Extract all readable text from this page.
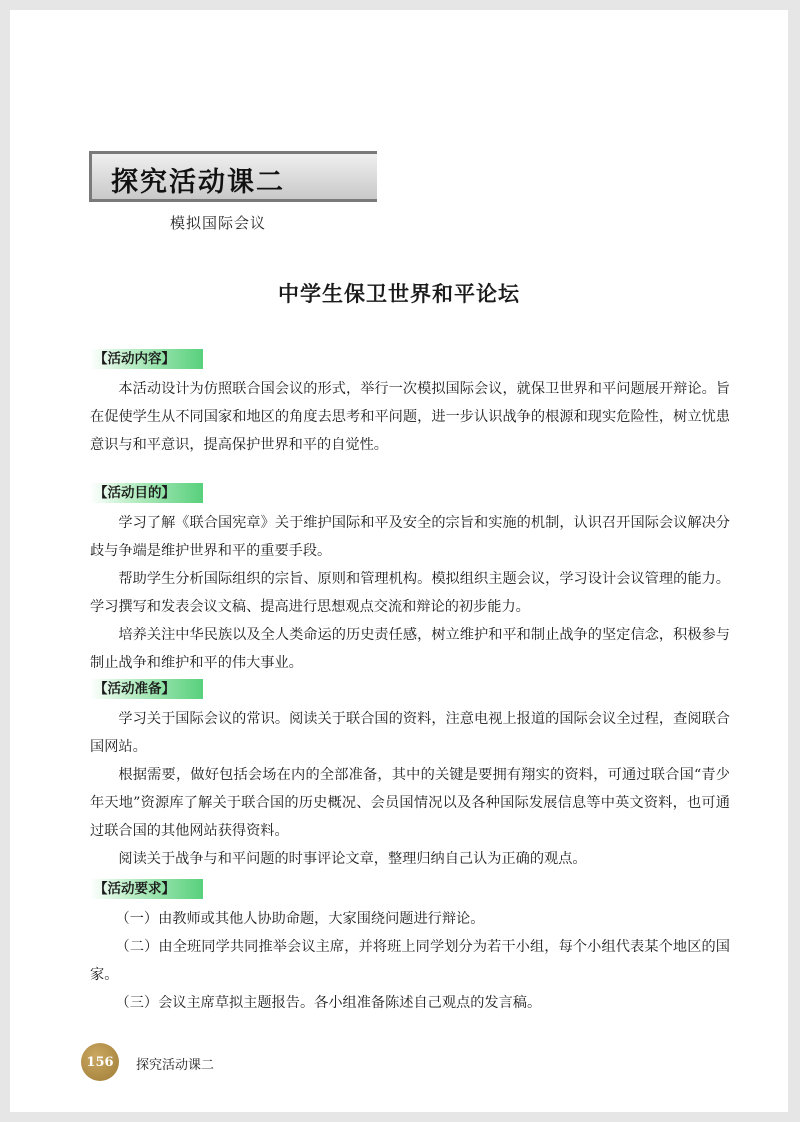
探究活动课二
模拟国际会议
中学生保卫世界和平论坛
【活动内容】

本活动设计为仿照联合国会议的形式，举行一次模拟国际会议，就保卫世界和平问题展开辩论。旨在促使学生从不同国家和地区的角度去思考和平问题，进一步认识战争的根源和现实危险性，树立忧患意识与和平意识，提高保护世界和平的自觉性。

【活动目的】

学习了解《联合国宪章》关于维护国际和平及安全的宗旨和实施的机制，认识召开国际会议解决分歧与争端是维护世界和平的重要手段。

帮助学生分析国际组织的宗旨、原则和管理机构。模拟组织主题会议，学习设计会议管理的能力。学习撰写和发表会议文稿、提高进行思想观点交流和辩论的初步能力。

培养关注中华民族以及全人类命运的历史责任感，树立维护和平和制止战争的坚定信念，积极参与制止战争和维护和平的伟大事业。

【活动准备】

学习关于国际会议的常识。阅读关于联合国的资料，注意电视上报道的国际会议全过程，查阅联合国网站。

根据需要，做好包括会场在内的全部准备，其中的关键是要拥有翔实的资料，可通过联合国“青少年天地”资源库了解关于联合国的历史概况、会员国情况以及各种国际发展信息等中英文资料，也可通过联合国的其他网站获得资料。

阅读关于战争与和平问题的时事评论文章，整理归纳自己认为正确的观点。

【活动要求】

（一）由教师或其他人协助命题，大家围绕问题进行辩论。

（二）由全班同学共同推举会议主席，并将班上同学划分为若干小组，每个小组代表某个地区的国家。

（三）会议主席草拟主题报告。各小组准备陈述自己观点的发言稿。

156	探究活动课二
